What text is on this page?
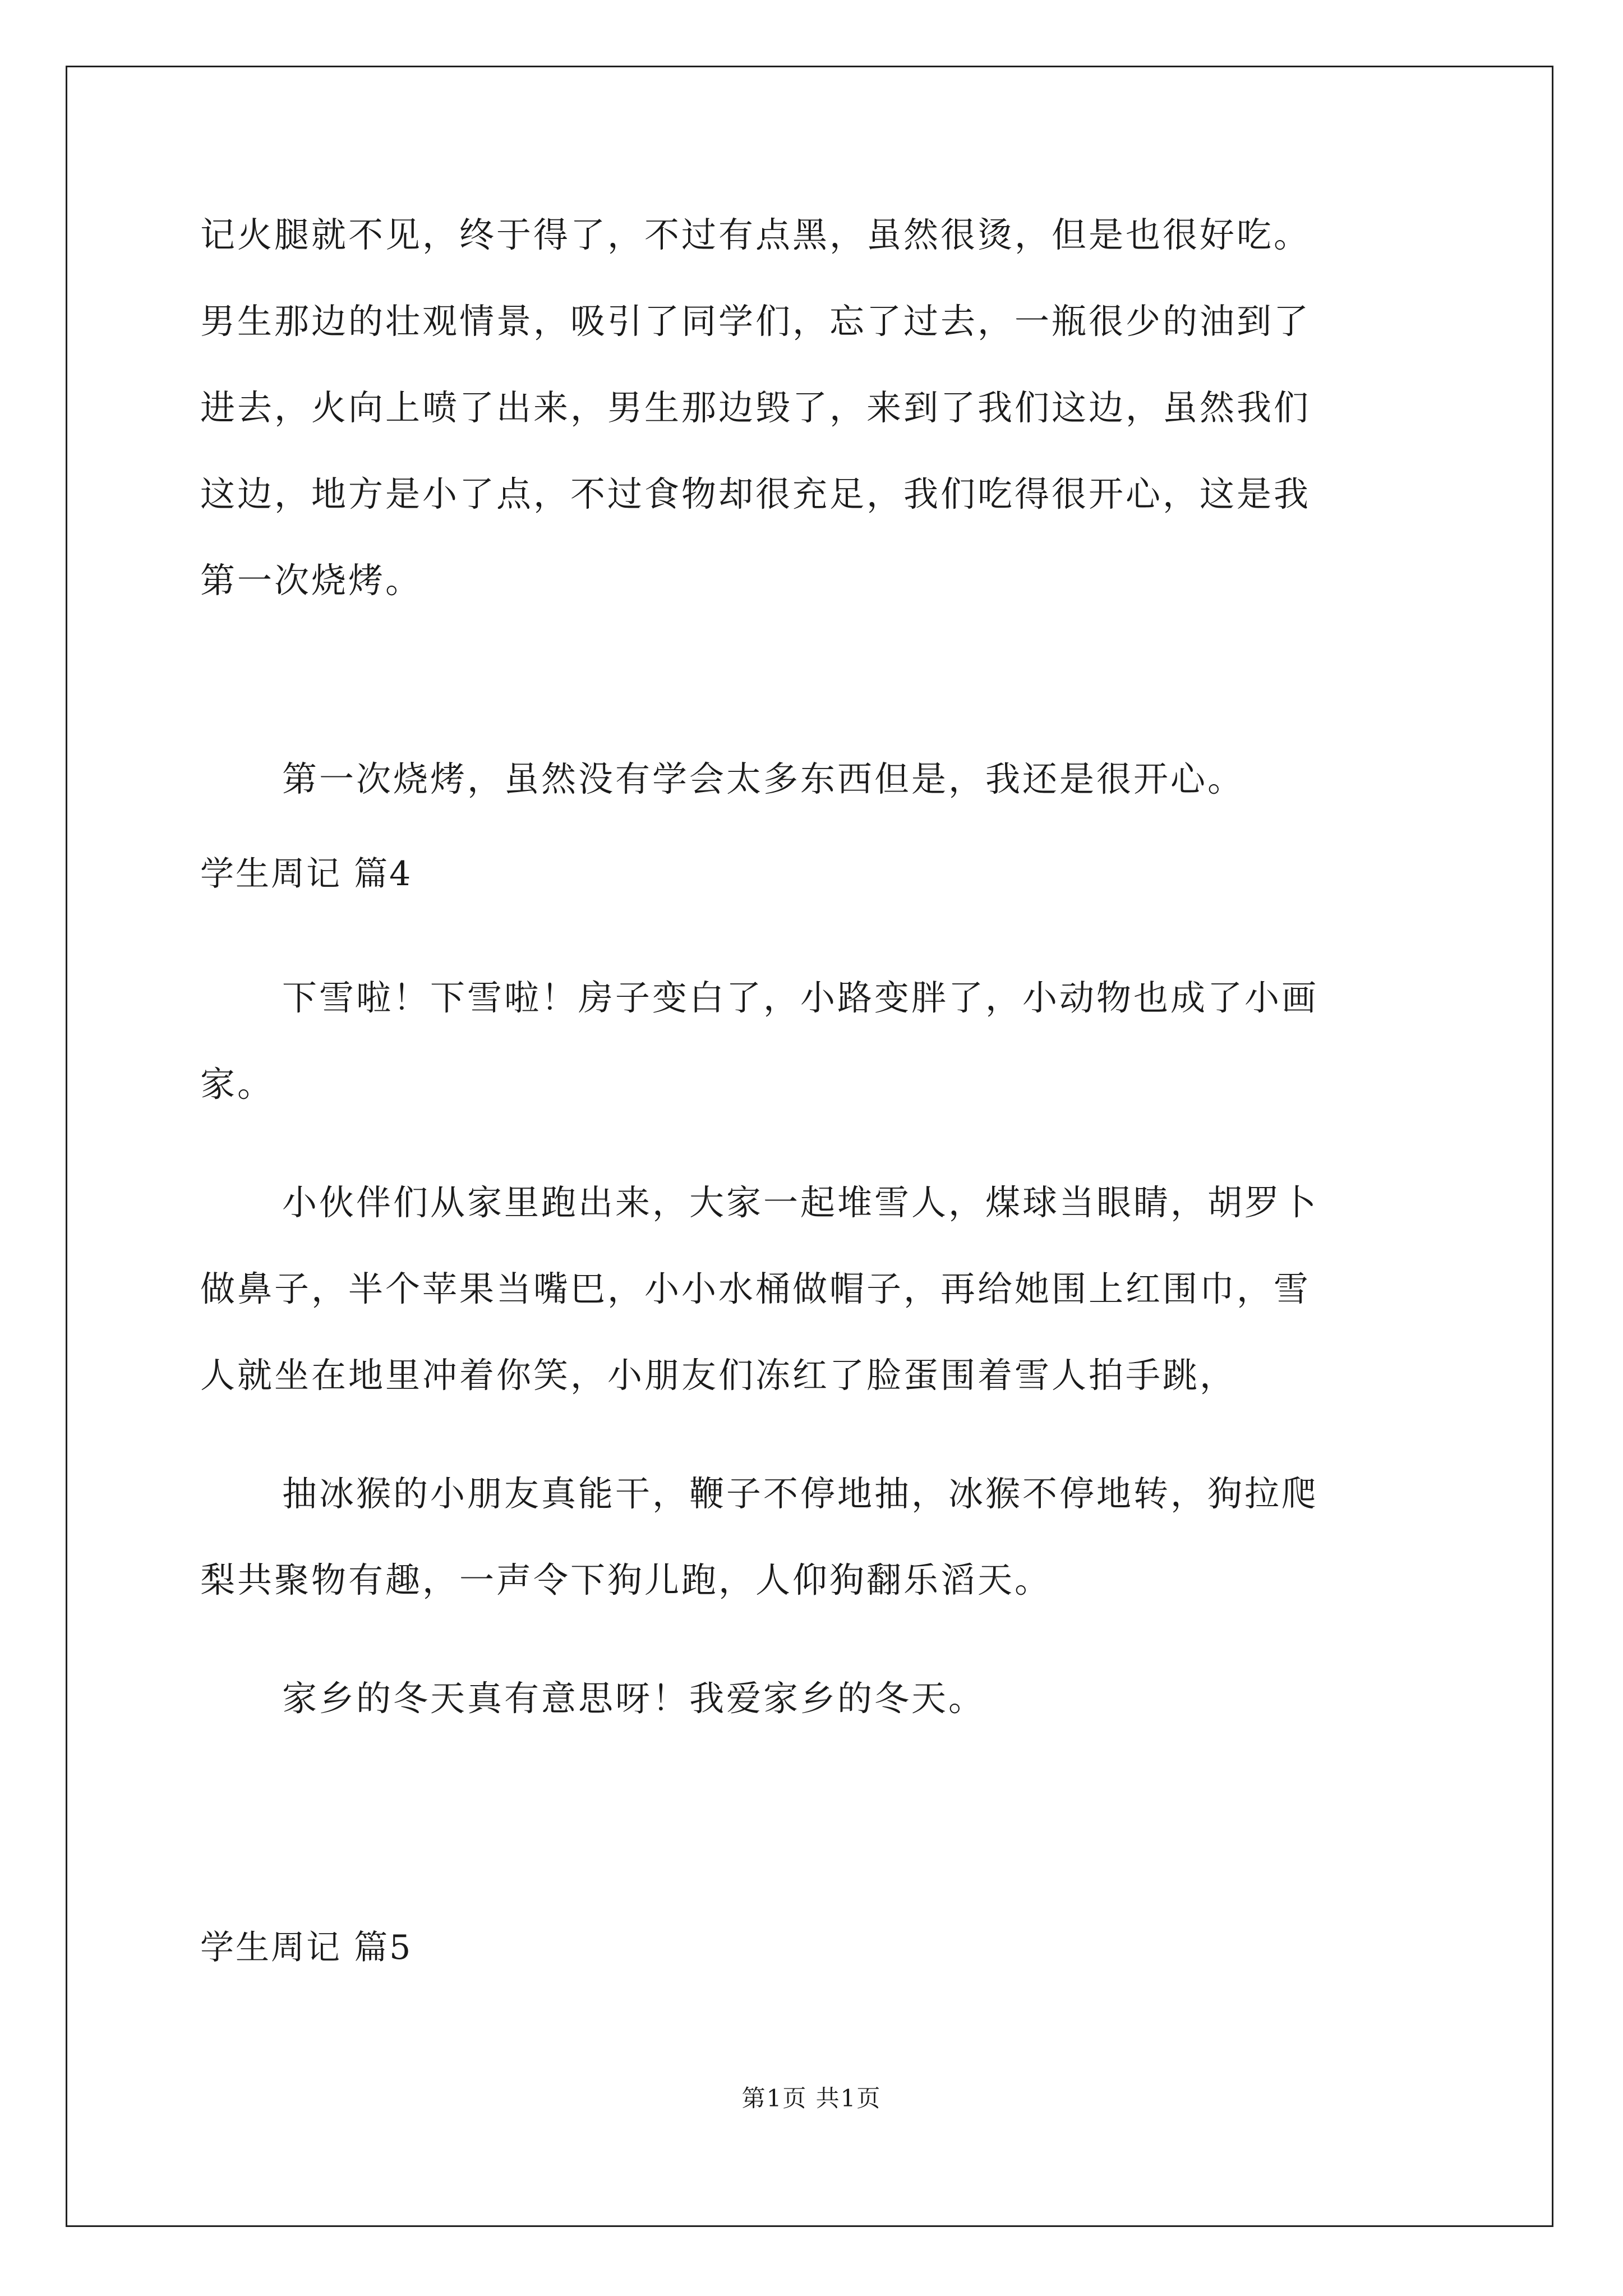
记火腿就不见，终于得了，不过有点黑，虽然很烫，但是也很好吃。
男生那边的壮观情景，吸引了同学们，忘了过去，一瓶很少的油到了
进去，火向上喷了出来，男生那边毁了，来到了我们这边，虽然我们
这边，地方是小了点，不过食物却很充足，我们吃得很开心，这是我
第一次烧烤。
第一次烧烤，虽然没有学会太多东西但是，我还是很开心。
学生周记 篇4
下雪啦！下雪啦！房子变白了，小路变胖了，小动物也成了小画
家。
小伙伴们从家里跑出来，大家一起堆雪人，煤球当眼睛，胡罗卜
做鼻子，半个苹果当嘴巴，小小水桶做帽子，再给她围上红围巾，雪
人就坐在地里冲着你笑，小朋友们冻红了脸蛋围着雪人拍手跳，
抽冰猴的小朋友真能干，鞭子不停地抽，冰猴不停地转，狗拉爬
梨共聚物有趣，一声令下狗儿跑，人仰狗翻乐滔天。
家乡的冬天真有意思呀！我爱家乡的冬天。
学生周记 篇5
第1页 共1页
